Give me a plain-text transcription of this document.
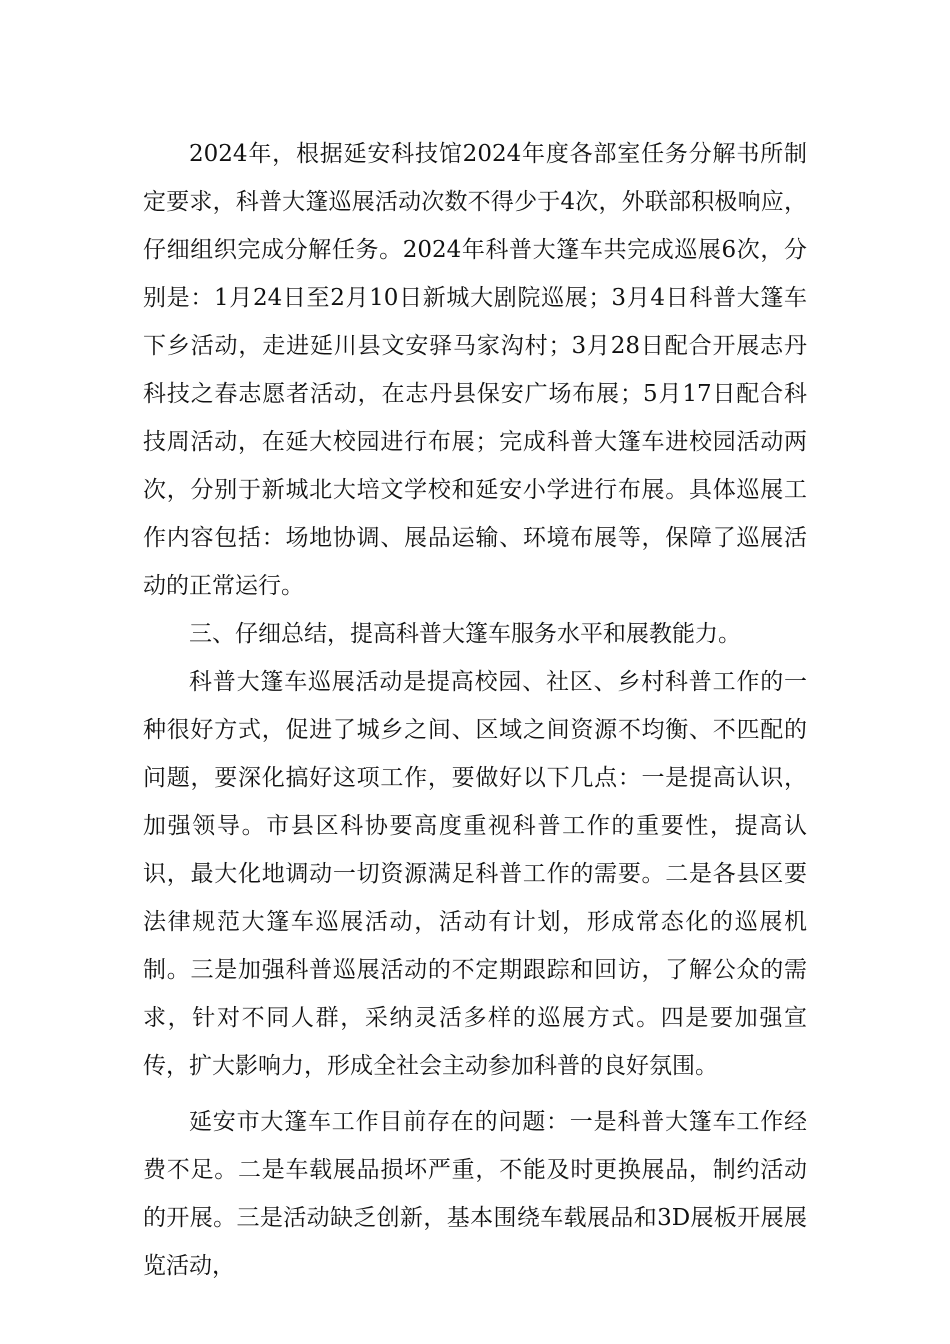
2024年，根据延安科技馆2024年度各部室任务分解书所制定要求，科普大篷巡展活动次数不得少于4次，外联部积极响应，仔细组织完成分解任务。2024年科普大篷车共完成巡展6次，分别是：1月24日至2月10日新城大剧院巡展；3月4日科普大篷车下乡活动，走进延川县文安驿马家沟村；3月28日配合开展志丹科技之春志愿者活动，在志丹县保安广场布展；5月17日配合科技周活动，在延大校园进行布展；完成科普大篷车进校园活动两次，分别于新城北大培文学校和延安小学进行布展。具体巡展工作内容包括：场地协调、展品运输、环境布展等，保障了巡展活动的正常运行。

三、仔细总结，提高科普大篷车服务水平和展教能力。

科普大篷车巡展活动是提高校园、社区、乡村科普工作的一种很好方式，促进了城乡之间、区域之间资源不均衡、不匹配的问题，要深化搞好这项工作，要做好以下几点：一是提高认识，加强领导。市县区科协要高度重视科普工作的重要性，提高认识，最大化地调动一切资源满足科普工作的需要。二是各县区要法律规范大篷车巡展活动，活动有计划，形成常态化的巡展机制。三是加强科普巡展活动的不定期跟踪和回访，了解公众的需求，针对不同人群，采纳灵活多样的巡展方式。四是要加强宣传，扩大影响力，形成全社会主动参加科普的良好氛围。

延安市大篷车工作目前存在的问题：一是科普大篷车工作经费不足。二是车载展品损坏严重，不能及时更换展品，制约活动的开展。三是活动缺乏创新，基本围绕车载展品和3D展板开展展览活动，
